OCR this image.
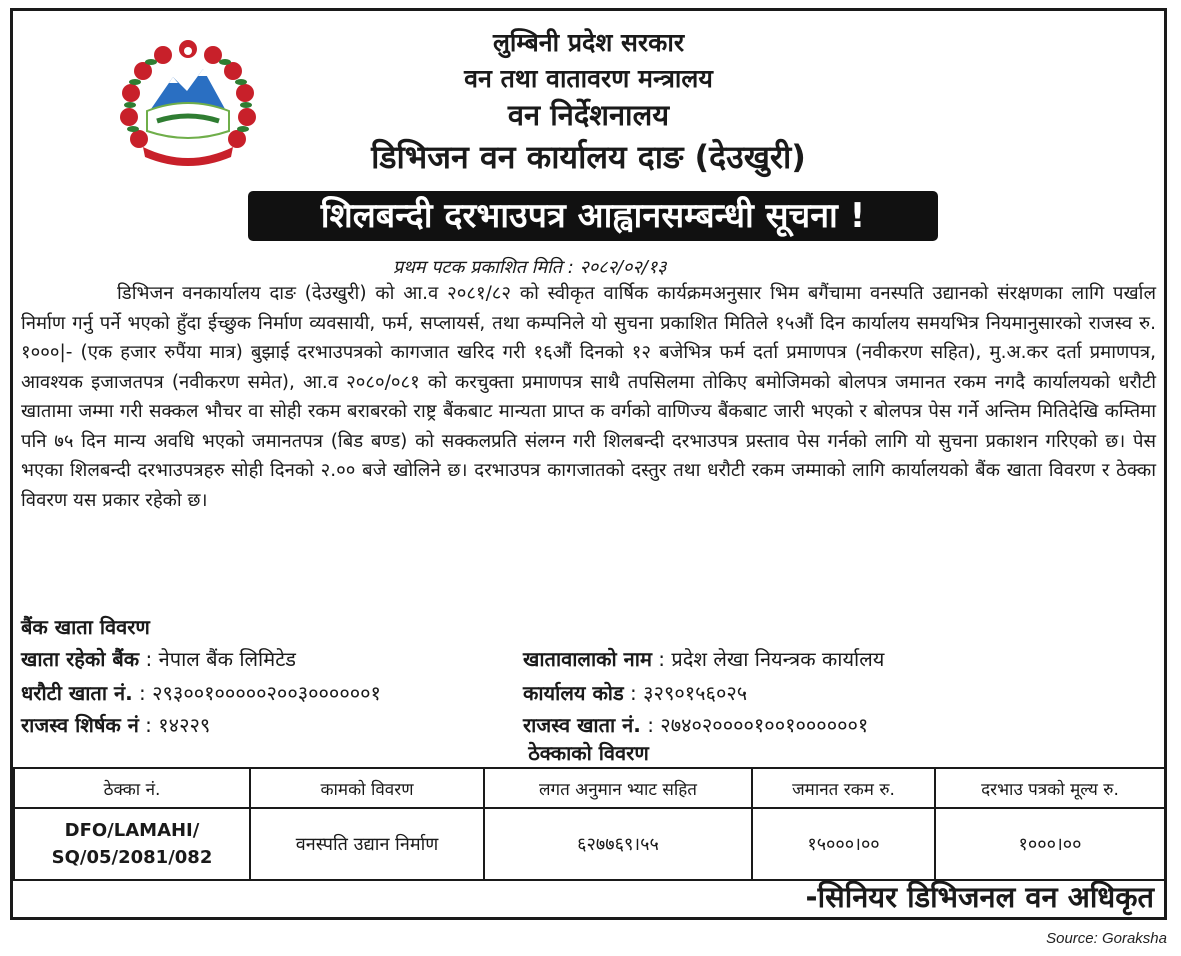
लुम्बिनी प्रदेश सरकार
वन तथा वातावरण मन्त्रालय
वन निर्देशनालय
डिभिजन वन कार्यालय दाङ (देउखुरी)
शिलबन्दी दरभाउपत्र आह्वानसम्बन्धी सूचना !
प्रथम पटक प्रकाशित मिति : २०८२/०२/१३

डिभिजन वनकार्यालय दाङ (देउखुरी) को आ.व २०८१/८२ को स्वीकृत वार्षिक कार्यक्रमअनुसार भिम बगैंचामा वनस्पति उद्यानको संरक्षणका लागि पर्खाल निर्माण गर्नु पर्ने भएको हुँदा ईच्छुक निर्माण व्यवसायी, फर्म, सप्लायर्स, तथा कम्पनिले यो सुचना प्रकाशित मितिले १५औं दिन कार्यालय समयभित्र नियमानुसारको राजस्व रु. १०००|- (एक हजार रुपैंया मात्र) बुझाई दरभाउपत्रको कागजात खरिद गरी १६औं दिनको १२ बजेभित्र फर्म दर्ता प्रमाणपत्र (नवीकरण सहित), मु.अ.कर दर्ता प्रमाणपत्र, आवश्यक इजाजतपत्र (नवीकरण समेत), आ.व २०८०/०८१ को करचुक्ता प्रमाणपत्र साथै तपसिलमा तोकिए बमोजिमको बोलपत्र जमानत रकम नगदै कार्यालयको धरौटी खातामा जम्मा गरी सक्कल भौचर वा सोही रकम बराबरको राष्ट्र बैंकबाट मान्यता प्राप्त क वर्गको वाणिज्य बैंकबाट जारी भएको र बोलपत्र पेस गर्ने अन्तिम मितिदेखि कम्तिमा पनि ७५ दिन मान्य अवधि भएको जमानतपत्र (बिड बण्ड) को सक्कलप्रति संलग्न गरी शिलबन्दी दरभाउपत्र प्रस्ताव पेस गर्नको लागि यो सुचना प्रकाशन गरिएको छ। पेस भएका शिलबन्दी दरभाउपत्रहरु सोही दिनको २.०० बजे खोलिने छ। दरभाउपत्र कागजातको दस्तुर तथा धरौटी रकम जम्माको लागि कार्यालयको बैंक खाता विवरण र ठेक्का विवरण यस प्रकार रहेको छ।

बैंक खाता विवरण
खाता रहेको बैंक : नेपाल बैंक लिमिटेड
धरौटी खाता नं. : २९३००१०००००२००३००००००१
राजस्व शिर्षक नं : १४२२९
खातावालाको नाम : प्रदेश लेखा नियन्त्रक कार्यालय
कार्यालय कोड : ३२९०१५६०२५
राजस्व खाता नं. : २७४०२००००१००१००००००१
ठेक्काको विवरण
ठेक्का नं.	कामको विवरण	लगत अनुमान भ्याट सहित	जमानत रकम रु.	दरभाउ पत्रको मूल्य रु.

DFO/LAMAHI/
SQ/05/2081/082	वनस्पति उद्यान निर्माण	६२७७६९।५५	१५०००।००	१०००।००
-सिनियर डिभिजनल वन अधिकृत
Source: Goraksha
